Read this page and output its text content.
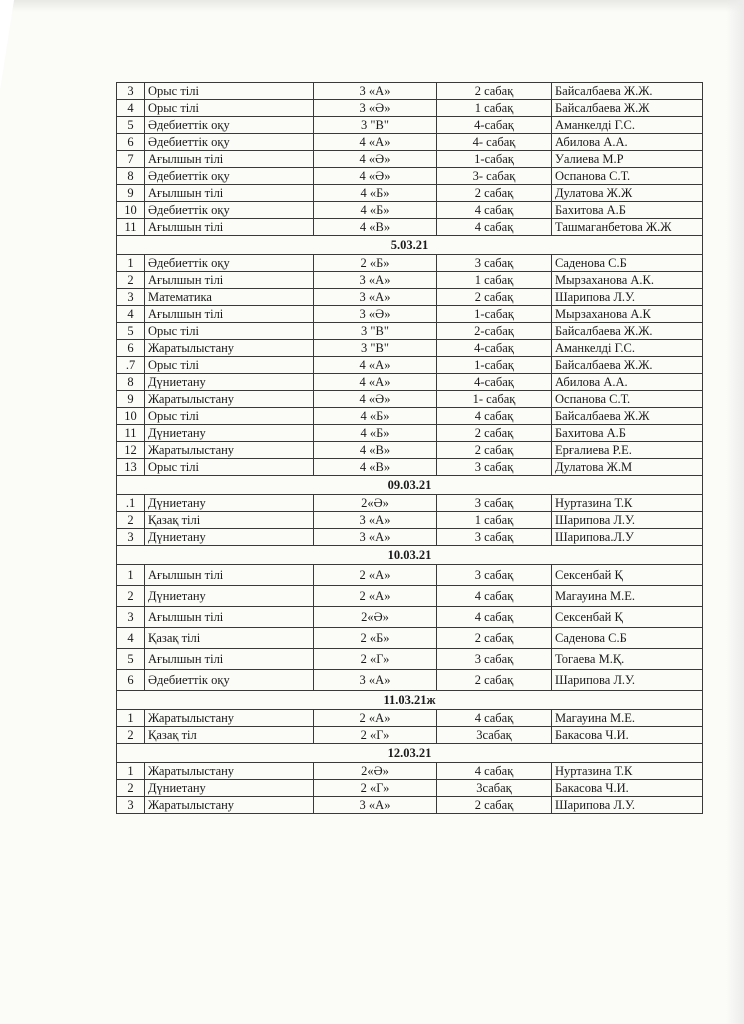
3	Орыс тілі	3 «А»	2 сабақ	Байсалбаева Ж.Ж.
4	Орыс тілі	3 «Ә»	1 сабақ	Байсалбаева Ж.Ж
5	Әдебиеттік оқу	3 "В"	4-сабақ	Аманкелді Г.С.
6	Әдебиеттік оқу	4 «А»	4- сабақ	Абилова А.А.
7	Ағылшын тілі	4 «Ә»	1-сабақ	Уалиева М.Р
8	Әдебиеттік оқу	4 «Ә»	3- сабақ	Оспанова С.Т.
9	Ағылшын тілі	4 «Б»	2 сабақ	Дулатова Ж.Ж
10	Әдебиеттік оқу	4 «Б»	4 сабақ	Бахитова А.Б
11	Ағылшын тілі	4 «В»	4 сабақ	Ташмаганбетова Ж.Ж
5.03.21				
1	Әдебиеттік оқу	2 «Б»	3 сабақ	Саденова С.Б
2	Ағылшын тілі	3 «А»	1 сабақ	Мырзаханова А.К.
3	Математика	3 «А»	2 сабақ	Шарипова Л.У.
4	Ағылшын тілі	3 «Ә»	1-сабақ	Мырзаханова А.К
5	Орыс тілі	3 "В"	2-сабақ	Байсалбаева Ж.Ж.
6	Жаратылыстану	3 "В"	4-сабақ	Аманкелді Г.С.
.7	Орыс тілі	4 «А»	1-сабақ	Байсалбаева Ж.Ж.
8	Дүниетану	4 «А»	4-сабақ	Абилова А.А.
9	Жаратылыстану	4 «Ә»	1- сабақ	Оспанова С.Т.
10	Орыс тілі	4 «Б»	4 сабақ	Байсалбаева Ж.Ж
11	Дүниетану	4 «Б»	2 сабақ	Бахитова А.Б
12	Жаратылыстану	4 «В»	2 сабақ	Ерғалиева Р.Е.
13	Орыс тілі	4 «В»	3 сабақ	Дулатова Ж.М
09.03.21				
.1	Дүниетану	2«Ә»	3 сабақ	Нуртазина Т.К
2	Қазақ тілі	3 «А»	1 сабақ	Шарипова Л.У.
3	Дүниетану	3 «А»	3 сабақ	Шарипова.Л.У
10.03.21				
1	Ағылшын тілі	2 «А»	3 сабақ	Сексенбай Қ
2	Дүниетану	2 «А»	4 сабақ	Магауина М.Е.
3	Ағылшын тілі	2«Ә»	4 сабақ	Сексенбай Қ
4	Қазақ тілі	2 «Б»	2 сабақ	Саденова С.Б
5	Ағылшын тілі	2 «Г»	3 сабақ	Тогаева М.Қ.
6	Әдебиеттік оқу	3 «А»	2 сабақ	Шарипова Л.У.
11.03.21ж				
1	Жаратылыстану	2 «А»	4 сабақ	Магауина М.Е.
2	Қазақ тіл	2 «Г»	3сабақ	Бакасова Ч.И.
12.03.21				
1	Жаратылыстану	2«Ә»	4 сабақ	Нуртазина Т.К
2	Дүниетану	2 «Г»	3сабақ	Бакасова Ч.И.
3	Жаратылыстану	3 «А»	2 сабақ	Шарипова Л.У.
